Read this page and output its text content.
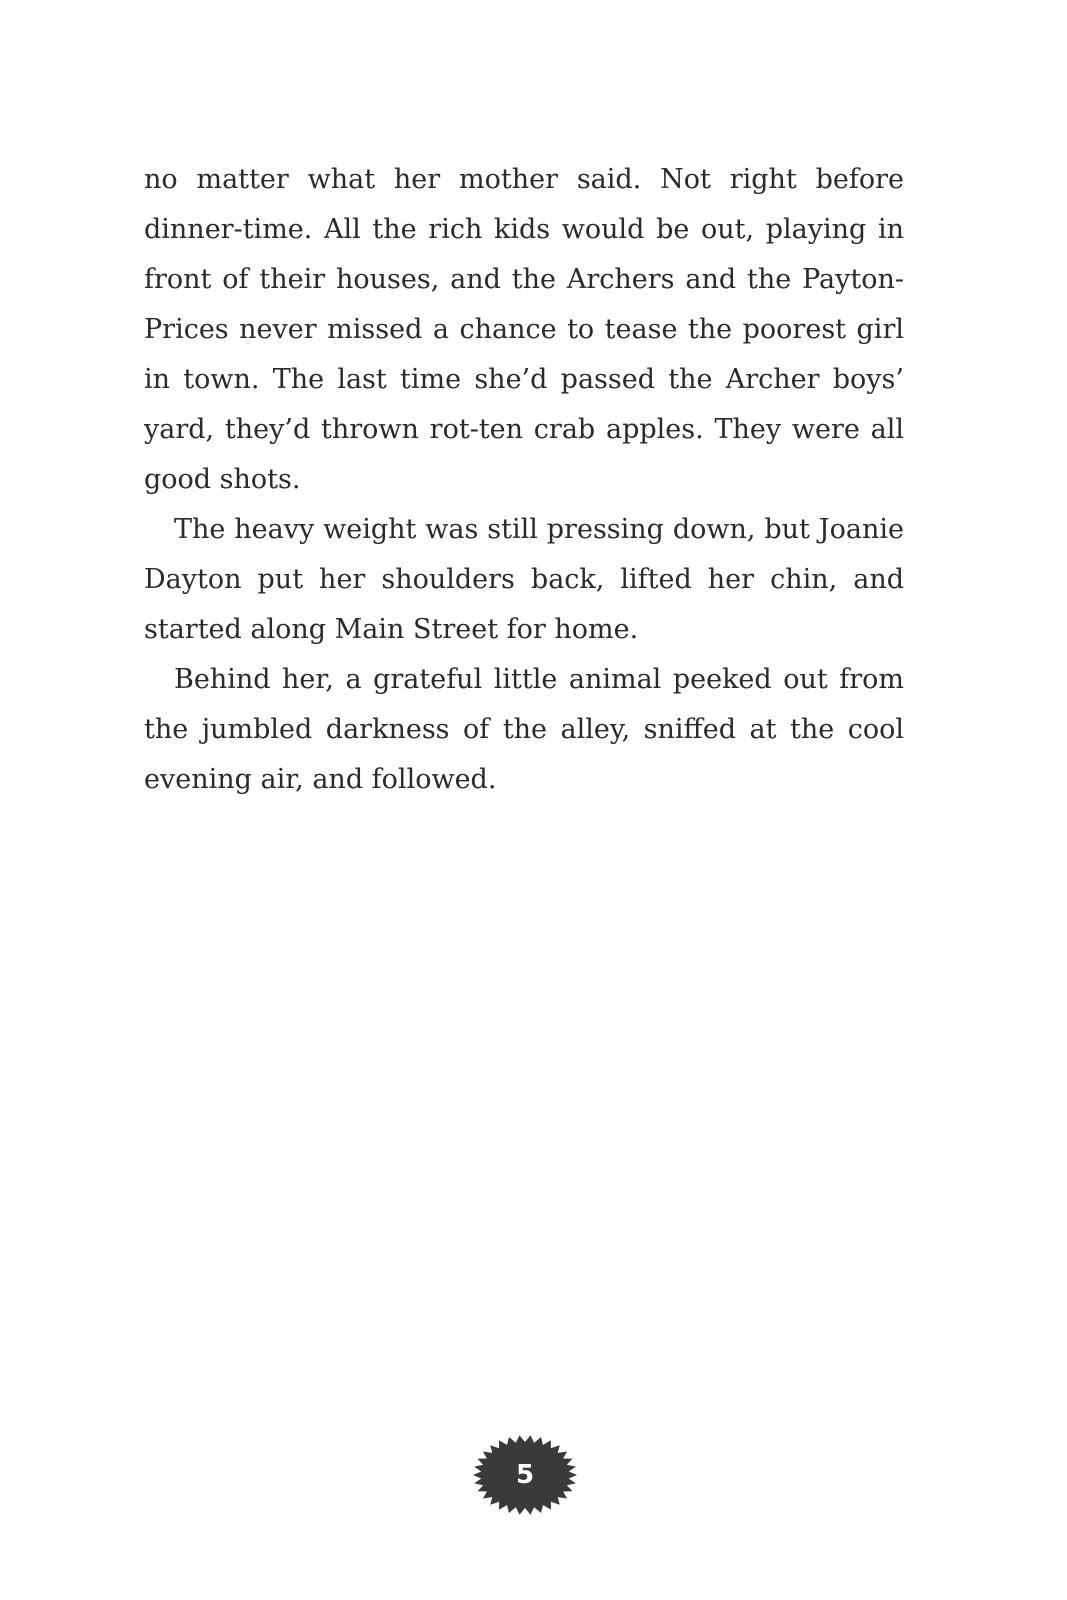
no matter what her mother said. Not right before dinner-time. All the rich kids would be out, playing in front of their houses, and the Archers and the Payton-Prices never missed a chance to tease the poorest girl in town. The last time she’d passed the Archer boys’ yard, they’d thrown rot-ten crab apples. They were all good shots.

The heavy weight was still pressing down, but Joanie Dayton put her shoulders back, lifted her chin, and started along Main Street for home.

Behind her, a grateful little animal peeked out from the jumbled darkness of the alley, sniffed at the cool evening air, and followed.

5
